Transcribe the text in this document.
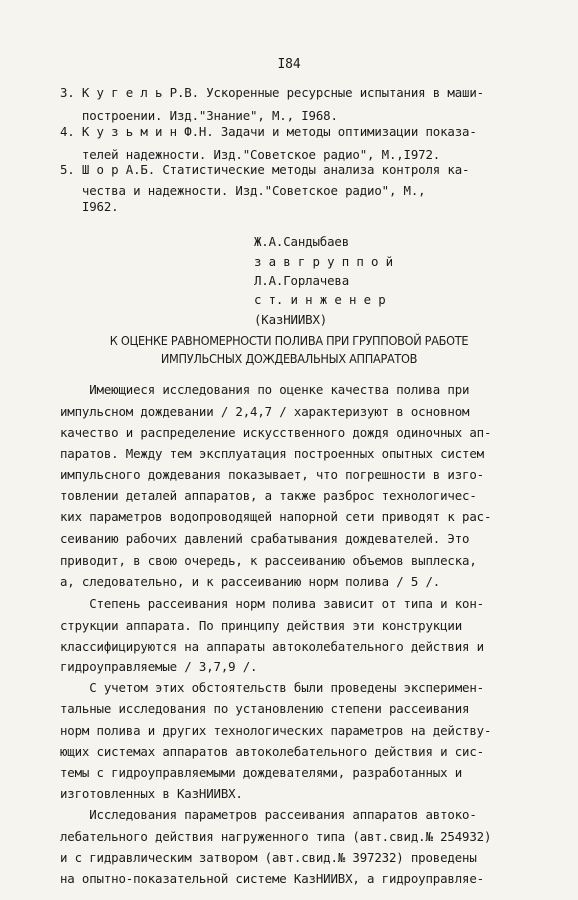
I84
3. К у г е л ь Р.В. Ускоренные ресурсные испытания в маши-
построении. Изд."Знание", М., I968.
4. К у з ь м и н Ф.Н. Задачи и методы оптимизации показа-
телей надежности. Изд."Советское радио", М.,I972.
5. Ш о р А.Б. Статистические методы анализа контроля ка-
чества и надежности. Изд."Советское радио", М.,
I962.
Ж.А.Сандыбаев
з а в г р у п п о й
Л.А.Горлачева
с т. и н ж е н е р
(КазНИИВХ)
К ОЦЕНКЕ РАВНОМЕРНОСТИ ПОЛИВА ПРИ ГРУППОВОЙ РАБОТЕ
ИМПУЛЬСНЫХ ДОЖДЕВАЛЬНЫХ АППАРАТОВ
Имеющиеся исследования по оценке качества полива при
импульсном дождевании / 2,4,7 / характеризуют в основном
качество и распределение искусственного дождя одиночных ап-
паратов. Между тем эксплуатация построенных опытных систем
импульсного дождевания показывает, что погрешности в изго-
товлении деталей аппаратов, а также разброс технологичес-
ких параметров водопроводящей напорной сети приводят к рас-
сеиванию рабочих давлений срабатывания дождевателей. Это
приводит, в свою очередь, к рассеиванию объемов выплеска,
а, следовательно, и к рассеиванию норм полива / 5 /.
Степень рассеивания норм полива зависит от типа и кон-
струкции аппарата. По принципу действия эти конструкции
классифицируются на аппараты автоколебательного действия и
гидроуправляемые / 3,7,9 /.
С учетом этих обстоятельств были проведены эксперимен-
тальные исследования по установлению степени рассеивания
норм полива и других технологических параметров на действу-
ющих системах аппаратов автоколебательного действия и сис-
темы с гидроуправляемыми дождевателями, разработанных и
изготовленных в КазНИИВХ.
Исследования параметров рассеивания аппаратов автоко-
лебательного действия нагруженного типа (авт.свид.№ 254932)
и с гидравлическим затвором (авт.свид.№ 397232) проведены
на опытно-показательной системе КазНИИВХ, а гидроуправляе-
